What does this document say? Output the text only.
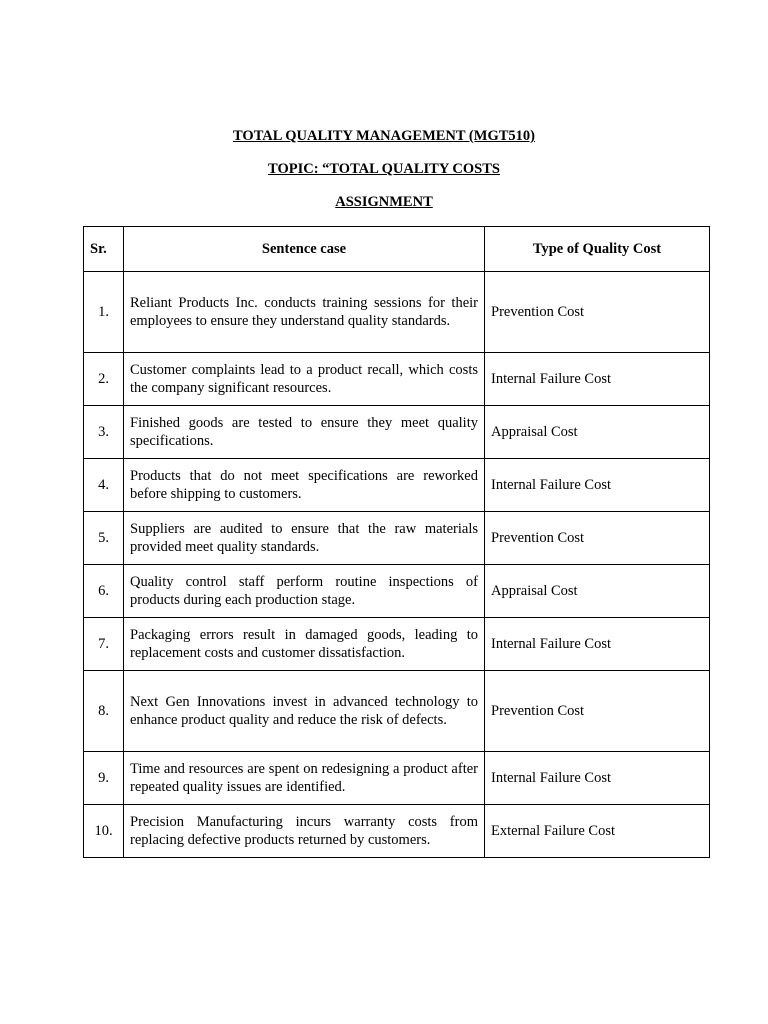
TOTAL QUALITY MANAGEMENT (MGT510)
TOPIC: “TOTAL QUALITY COSTS
ASSIGNMENT
Sr.	Sentence case	Type of Quality Cost
1.	Reliant Products Inc. conducts training sessions for their employees to ensure they understand quality standards.	Prevention Cost
2.	Customer complaints lead to a product recall, which costs the company significant resources.	Internal Failure Cost
3.	Finished goods are tested to ensure they meet quality specifications.	Appraisal Cost
4.	Products that do not meet specifications are reworked before shipping to customers.	Internal Failure Cost
5.	Suppliers are audited to ensure that the raw materials provided meet quality standards.	Prevention Cost
6.	Quality control staff perform routine inspections of products during each production stage.	Appraisal Cost
7.	Packaging errors result in damaged goods, leading to replacement costs and customer dissatisfaction.	Internal Failure Cost
8.	Next Gen Innovations invest in advanced technology to enhance product quality and reduce the risk of defects.	Prevention Cost
9.	Time and resources are spent on redesigning a product after repeated quality issues are identified.	Internal Failure Cost
10.	Precision Manufacturing incurs warranty costs from replacing defective products returned by customers.	External Failure Cost
